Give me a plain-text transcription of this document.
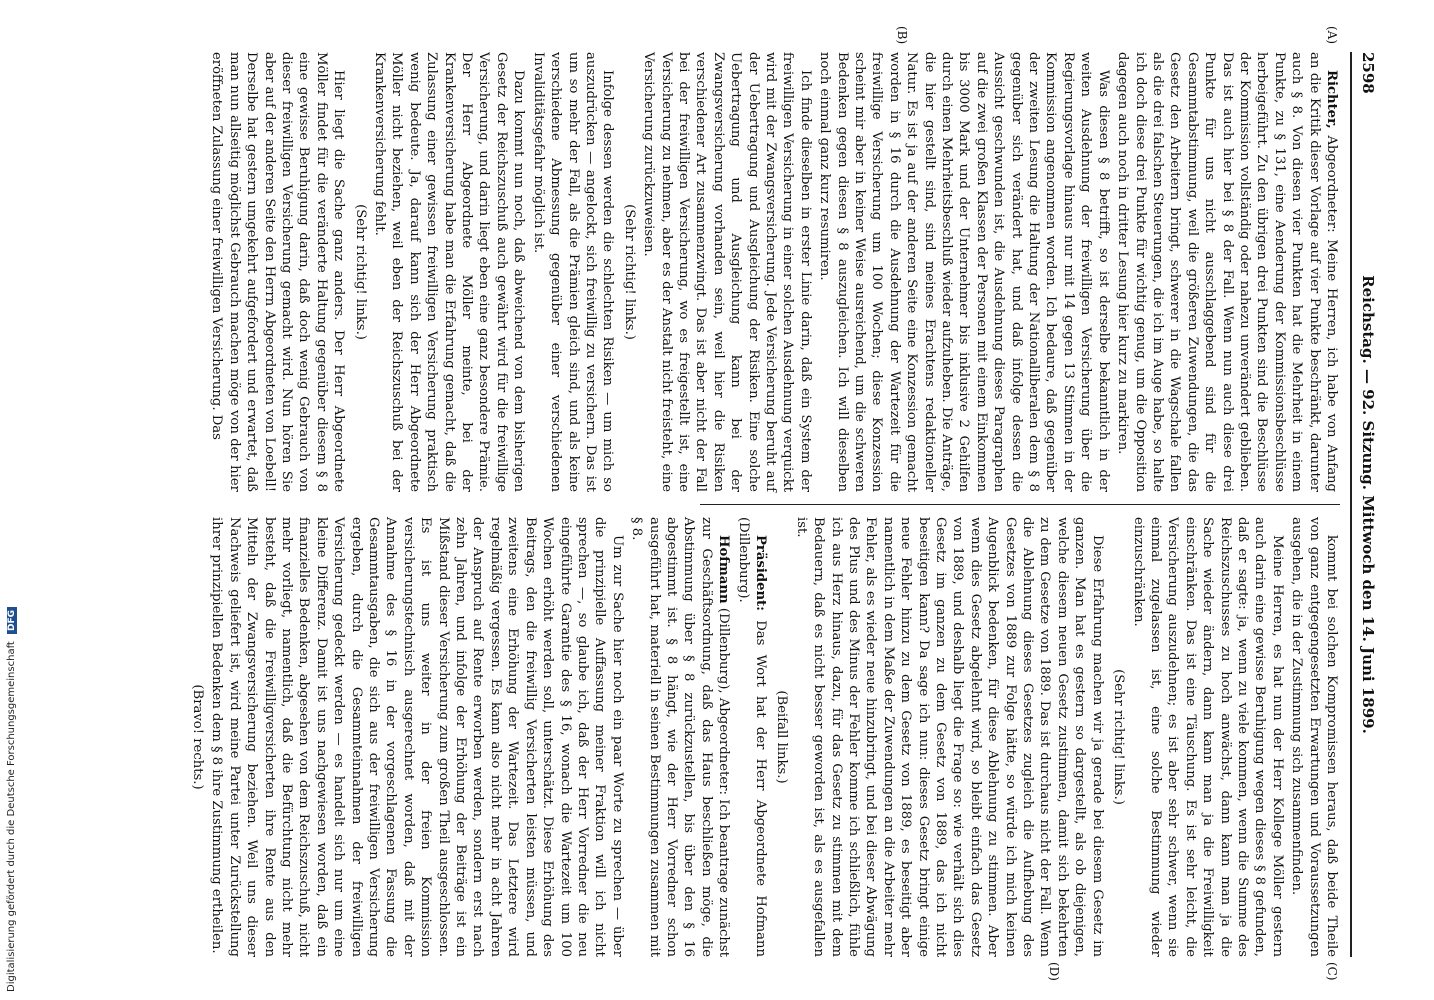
2598
Reichstag. — 92. Sitzung. Mittwoch den 14. Juni 1899.
(A)
(B)
(C)
(D)

Richter, Abgeordneter: Meine Herren, ich habe von Anfang an die Kritik dieser Vorlage auf vier Punkte beschränkt, darunter auch § 8. Von diesen vier Punkten hat die Mehrheit in einem Punkte, zu § 131, eine Aenderung der Kommissionsbeschlüsse herbeigeführt. Zu den übrigen drei Punkten sind die Beschlüsse der Kommission vollständig oder nahezu unverändert geblieben. Das ist auch hier bei § 8 der Fall. Wenn nun auch diese drei Punkte für uns nicht ausschlaggebend sind für die Gesammtabstimmung, weil die größeren Zuwendungen, die das Gesetz den Arbeitern bringt, schwerer in die Wagschale fallen als die drei falschen Steuerungen, die ich im Auge habe, so halte ich doch diese drei Punkte für wichtig genug, um die Opposition dagegen auch noch in dritter Lesung hier kurz zu markiren.

Was diesen § 8 betrifft, so ist derselbe bekanntlich in der weiten Ausdehnung der freiwilligen Versicherung über die Regierungsvorlage hinaus nur mit 14 gegen 13 Stimmen in der Kommission angenommen worden. Ich bedaure, daß gegenüber der zweiten Lesung die Haltung der Nationalliberalen dem § 8 gegenüber sich verändert hat, und daß infolge dessen die Aussicht geschwunden ist, die Ausdehnung dieses Paragraphen auf die zwei großen Klassen der Personen mit einem Einkommen bis 3000 Mark und der Unternehmer bis inklusive 2 Gehilfen durch einen Mehrheitsbeschluß wieder aufzuheben. Die Anträge, die hier gestellt sind, sind meines Erachtens redaktioneller Natur. Es ist ja auf der anderen Seite eine Konzession gemacht worden in § 16 durch die Ausdehnung der Wartezeit für die freiwillige Versicherung um 100 Wochen; diese Konzession scheint mir aber in keiner Weise ausreichend, um die schweren Bedenken gegen diesen § 8 auszugleichen. Ich will dieselben noch einmal ganz kurz resumiren.

Ich finde dieselben in erster Linie darin, daß ein System der freiwilligen Versicherung in einer solchen Ausdehnung verquickt wird mit der Zwangsversicherung. Jede Versicherung beruht auf der Uebertragung und Ausgleichung der Risiken. Eine solche Uebertragung und Ausgleichung kann bei der Zwangsversicherung vorhanden sein, weil hier die Risiken verschiedener Art zusammenzwingt. Das ist aber nicht der Fall bei der freiwilligen Versicherung, wo es freigestellt ist, eine Versicherung zu nehmen, aber es der Anstalt nicht freisteht, eine Versicherung zurückzuweisen.

(Sehr richtig! links.)

Infolge dessen werden die schlechten Risiken — um mich so auszudrücken — angelockt, sich freiwillig zu versichern. Das ist um so mehr der Fall, als die Prämien gleich sind, und als keine verschiedene Abmessung gegenüber einer verschiedenen Invaliditätsgefahr möglich ist.

Dazu kommt nun noch, daß abweichend von dem bisherigen Gesetz der Reichszuschuß auch gewährt wird für die freiwillige Versicherung, und darin liegt eben eine ganz besondere Prämie. Der Herr Abgeordnete Möller meinte, bei der Krankenversicherung habe man die Erfahrung gemacht, daß die Zulassung einer gewissen freiwilligen Versicherung praktisch wenig bedeute. Ja, darauf kann sich der Herr Abgeordnete Möller nicht beziehen, weil eben der Reichszuschuß bei der Krankenversicherung fehlt.

(Sehr richtig! links.)

Hier liegt die Sache ganz anders. Der Herr Abgeordnete Möller findet für die veränderte Haltung gegenüber diesem § 8 eine gewisse Beruhigung darin, daß doch wenig Gebrauch von dieser freiwilligen Versicherung gemacht wird. Nun hören Sie aber auf der anderen Seite den Herrn Abgeordneten von Loebell! Derselbe hat gestern umgekehrt aufgefordert und erwartet, daß man nun allseitig möglichst Gebrauch machen möge von der hier eröffneten Zulassung einer freiwilligen Versicherung. Das

kommt bei solchen Kompromissen heraus, daß beide Theile von ganz entgegengesetzten Erwartungen und Voraussetzungen ausgehen, die in der Zustimmung sich zusammenfinden.

Meine Herren, es hat nun der Herr Kollege Möller gestern auch darin eine gewisse Beruhigung wegen dieses § 8 gefunden, daß er sagte: ja, wenn zu viele kommen, wenn die Summe des Reichszuschusses zu hoch anwächst, dann kann man ja die Sache wieder ändern, dann kann man ja die Freiwilligkeit einschränken. Das ist eine Täuschung. Es ist sehr leicht, die Versicherung auszudehnen; es ist aber sehr schwer, wenn sie einmal zugelassen ist, eine solche Bestimmung wieder einzuschränken.

(Sehr richtig! links.)

Diese Erfahrung machen wir ja gerade bei diesem Gesetz im ganzen. Man hat es gestern so dargestellt, als ob diejenigen, welche diesem neuen Gesetz zustimmen, damit sich bekehrten zu dem Gesetze von 1889. Das ist durchaus nicht der Fall. Wenn die Ablehnung dieses Gesetzes zugleich die Aufhebung des Gesetzes von 1889 zur Folge hätte, so würde ich mich keinen Augenblick bedenken, für diese Ablehnung zu stimmen. Aber wenn dies Gesetz abgelehnt wird, so bleibt einfach das Gesetz von 1889, und deshalb liegt die Frage so: wie verhält sich dies Gesetz im ganzen zu dem Gesetz von 1889, das ich nicht beseitigen kann? Da sage ich nun: dieses Gesetz bringt einige neue Fehler hinzu zu dem Gesetz von 1889, es beseitigt aber namentlich in dem Maße der Zuwendungen an die Arbeiter mehr Fehler, als es wieder neue hinzubringt, und bei dieser Abwägung des Plus und des Minus der Fehler komme ich schließlich, fühle ich aus Herz hinaus, dazu, für das Gesetz zu stimmen mit dem Bedauern, daß es nicht besser geworden ist, als es ausgefallen ist.

(Beifall links.)

Präsident: Das Wort hat der Herr Abgeordnete Hofmann (Dillenburg).

Hofmann (Dillenburg), Abgeordneter: Ich beantrage zunächst zur Geschäftsordnung, daß das Haus beschließen möge, die Abstimmung über § 8 zurückzustellen, bis über den § 16 abgestimmt ist. § 8 hängt, wie der Herr Vorredner schon ausgeführt hat, materiell in seinen Bestimmungen zusammen mit § 8.

Um zur Sache hier noch ein paar Worte zu sprechen — über die prinzipielle Auffassung meiner Fraktion will ich nicht sprechen —, so glaube ich, daß der Herr Vorredner die neu eingeführte Garantie des § 16, wonach die Wartezeit um 100 Wochen erhöht werden soll, unterschätzt. Diese Erhöhung des Beitrags, den die freiwillig Versicherten leisten müssen, und zweitens eine Erhöhung der Wartezeit. Das Letztere wird regelmäßig vergessen. Es kann also nicht mehr in acht Jahren der Anspruch auf Rente erworben werden, sondern erst nach zehn Jahren, und infolge der Erhöhung der Beiträge ist ein Mißstand dieser Versicherung zum großen Theil ausgeschlossen. Es ist uns weiter in der freien Kommission versicherungstechnisch ausgerechnet worden, daß mit der Annahme des § 16 in der vorgeschlagenen Fassung die Gesammtausgaben, die sich aus der freiwilligen Versicherung ergeben, durch die Gesammteinnahmen der freiwilligen Versicherung gedeckt werden — es handelt sich nur um eine kleine Differenz. Damit ist uns nachgewiesen worden, daß ein finanzielles Bedenken, abgesehen von dem Reichszuschuß, nicht mehr vorliegt, namentlich, daß die Befürchtung nicht mehr besteht, daß die Freiwilligversicherten ihre Rente aus den Mitteln der Zwangsversicherung beziehen. Weil uns dieser Nachweis geliefert ist, wird meine Partei unter Zurückstellung ihrer prinzipiellen Bedenken dem § 8 ihre Zustimmung ertheilen.

(Bravo! rechts.)

Digitalisierung gefördert durch die Deutsche Forschungsgemeinschaft DFG
